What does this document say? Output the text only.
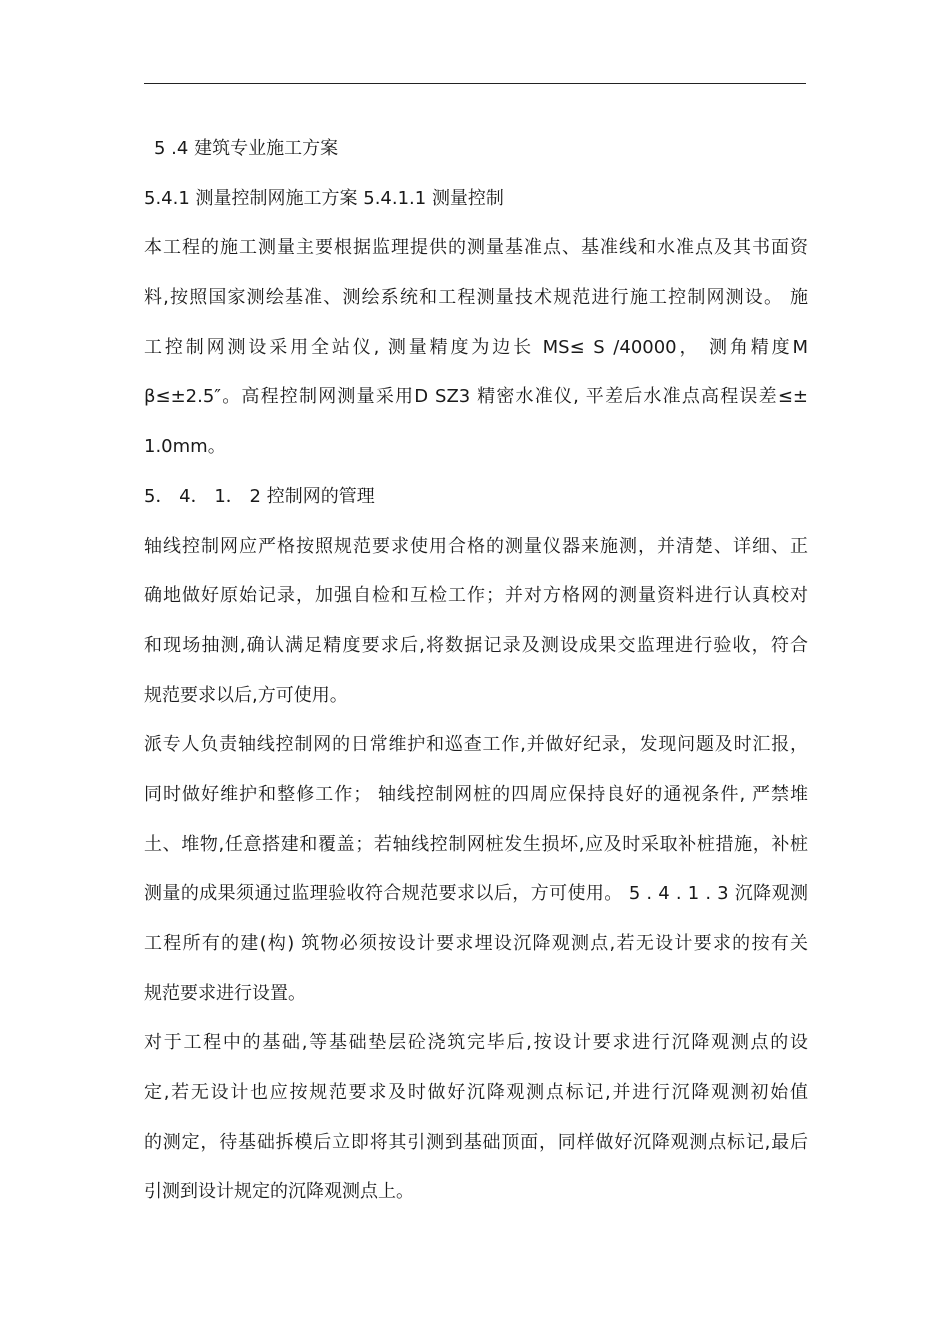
5 .4 建筑专业施工方案
5.4.1 测量控制网施工方案 5.4.1.1 测量控制
本工程的施工测量主要根据监理提供的测量基准点、基准线和水准点及其书面资
料,按照国家测绘基准、测绘系统和工程测量技术规范进行施工控制网测设。 施
工控制网测设采用全站仪, 测量精度为边长 MS≤ S /40000， 测角精度M
β≤±2.5″。高程控制网测量采用D SZ3 精密水准仪, 平差后水准点高程误差≤±
1.0mm。
5． 4． 1． 2 控制网的管理
轴线控制网应严格按照规范要求使用合格的测量仪器来施测，并清楚、详细、正
确地做好原始记录，加强自检和互检工作；并对方格网的测量资料进行认真校对
和现场抽测,确认满足精度要求后,将数据记录及测设成果交监理进行验收，符合
规范要求以后,方可使用。
派专人负责轴线控制网的日常维护和巡查工作,并做好纪录，发现问题及时汇报，
同时做好维护和整修工作； 轴线控制网桩的四周应保持良好的通视条件, 严禁堆
土、堆物,任意搭建和覆盖；若轴线控制网桩发生损坏,应及时采取补桩措施，补桩
测量的成果须通过监理验收符合规范要求以后，方可使用。 5 . 4 . 1 . 3 沉降观测
工程所有的建(构) 筑物必须按设计要求埋设沉降观测点,若无设计要求的按有关
规范要求进行设置。
对于工程中的基础,等基础垫层砼浇筑完毕后,按设计要求进行沉降观测点的设
定,若无设计也应按规范要求及时做好沉降观测点标记,并进行沉降观测初始值
的测定，待基础拆模后立即将其引测到基础顶面，同样做好沉降观测点标记,最后
引测到设计规定的沉降观测点上。
